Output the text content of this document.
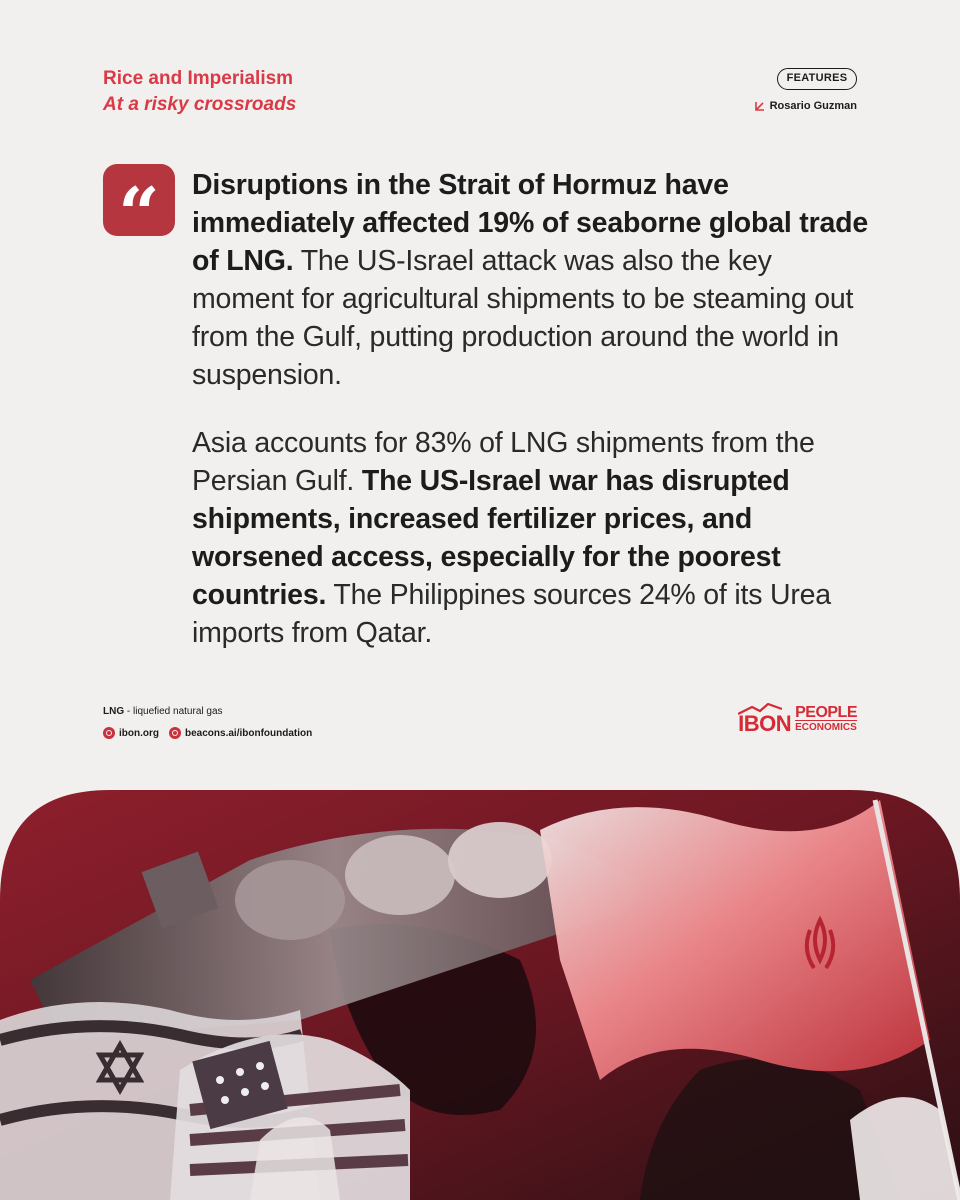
Rice and Imperialism
At a risky crossroads
FEATURES
Rosario Guzman
“	Disruptions in the Strait of Hormuz have immediately affected 19% of seaborne global trade of LNG. The US-Israel attack was also the key moment for agricultural shipments to be steaming out from the Gulf, putting production around the world in suspension.

Asia accounts for 83% of LNG shipments from the Persian Gulf. The US-Israel war has disrupted shipments, increased fertilizer prices, and worsened access, especially for the poorest countries. The Philippines sources 24% of its Urea imports from Qatar.

LNG - liquefied natural gas
ibon.org	beacons.ai/ibonfoundation	IBON PEOPLE
ECONOMICS
